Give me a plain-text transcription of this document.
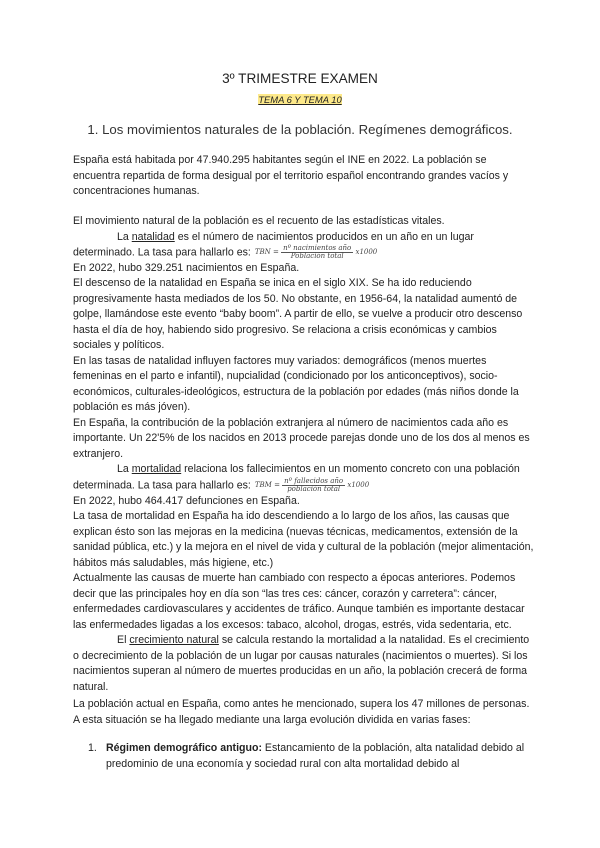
3º TRIMESTRE EXAMEN
TEMA 6 Y TEMA 10
1. Los movimientos naturales de la población. Regímenes demográficos.

España está habitada por 47.940.295 habitantes según el INE en 2022. La población se encuentra repartida de forma desigual por el territorio español encontrando grandes vacíos y concentraciones humanas.

El movimiento natural de la población es el recuento de las estadísticas vitales.

La natalidad es el número de nacimientos producidos en un año en un lugar determinado. La tasa para hallarlo es: TBN = $\frac{\text{nº nacimientos año}}{\text{Población total}} x1000$

En 2022, hubo 329.251 nacimientos en España.

El descenso de la natalidad en España se inica en el siglo XIX. Se ha ido reduciendo progresivamente hasta mediados de los 50. No obstante, en 1956-64, la natalidad aumentó de golpe, llamándose este evento “baby boom”. A partir de ello, se vuelve a producir otro descenso hasta el día de hoy, habiendo sido progresivo. Se relaciona a crisis económicas y cambios sociales y políticos.

En las tasas de natalidad influyen factores muy variados: demográficos (menos muertes femeninas en el parto e infantil), nupcialidad (condicionado por los anticonceptivos), socio-económicos, culturales-ideológicos, estructura de la población por edades (más niños donde la población es más jóven).

En España, la contribución de la población extranjera al número de nacimientos cada año es importante. Un 22'5% de los nacidos en 2013 procede parejas donde uno de los dos al menos es extranjero.

La mortalidad relaciona los fallecimientos en un momento concreto con una población determinada. La tasa para hallarlo es: TBM = $\frac{\text{nº fallecidos año}}{\text{población total}} x1000$

En 2022, hubo 464.417 defunciones en España.

La tasa de mortalidad en España ha ido descendiendo a lo largo de los años, las causas que explican ésto son las mejoras en la medicina (nuevas técnicas, medicamentos, extensión de la sanidad pública, etc.) y la mejora en el nivel de vida y cultural de la población (mejor alimentación, hábitos más saludables, más higiene, etc.)

Actualmente las causas de muerte han cambiado con respecto a épocas anteriores. Podemos decir que las principales hoy en día son “las tres ces: cáncer, corazón y carretera”: cáncer, enfermedades cardiovasculares y accidentes de tráfico. Aunque también es importante destacar las enfermedades ligadas a los excesos: tabaco, alcohol, drogas, estrés, vida sedentaria, etc.

El crecimiento natural se calcula restando la mortalidad a la natalidad. Es el crecimiento o decrecimiento de la población de un lugar por causas naturales (nacimientos o muertes). Si los nacimientos superan al número de muertes producidas en un año, la población crecerá de forma natural.

La población actual en España, como antes he mencionado, supera los 47 millones de personas. A esta situación se ha llegado mediante una larga evolución dividida en varias fases:

1. Régimen demográfico antiguo: Estancamiento de la población, alta natalidad debido al predominio de una economía y sociedad rural con alta mortalidad debido al
